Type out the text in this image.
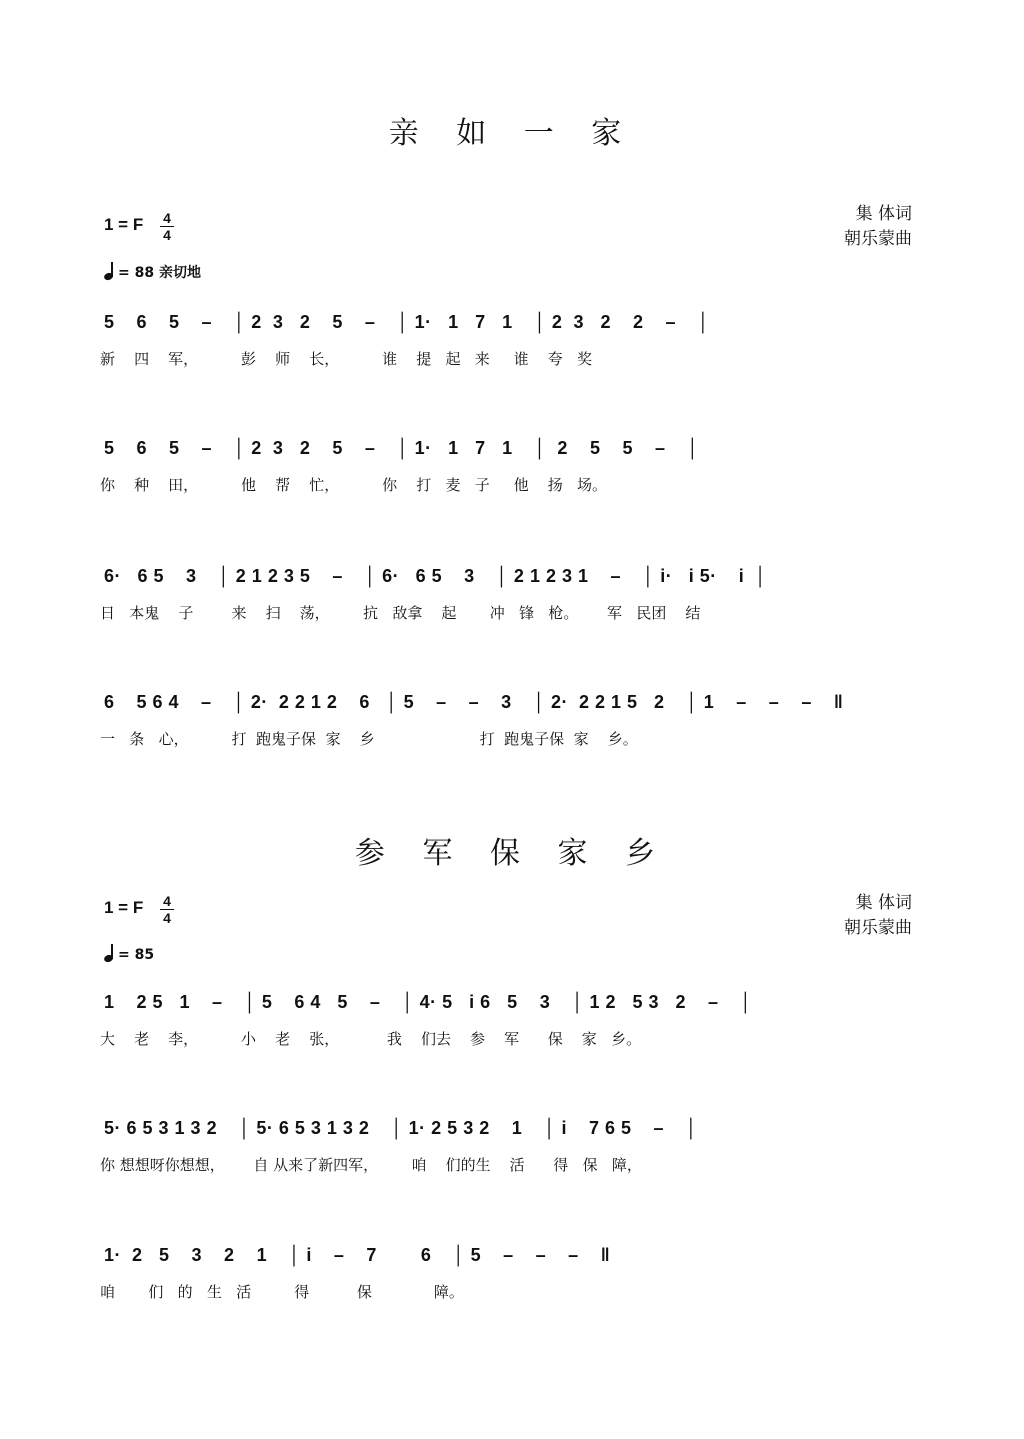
亲 如 一 家
集 体词
朝乐蒙曲
1 = F 4
4
= 88 亲切地
5    6    5    –    │ 2  3   2    5    –    │ 1·   1   7   1    │ 2  3   2    2    –    │
新    四    军，         彭    师    长，         谁    提   起   来     谁    夸   奖
5    6    5    –    │ 2  3   2    5    –    │ 1·   1   7   1    │  2    5    5    –    │
你    种    田，         他    帮    忙，         你    打   麦   子     他    扬   场。
6·   6 5    3    │ 2 1 2 3 5    –    │ 6·   6 5    3    │ 2 1 2 3 1    –    │ i·   i 5·    i  │
日   本鬼    子        来    扫    荡，       抗   敌拿    起       冲   锋   枪。      军   民团    结
6    5 6 4    –    │ 2·  2 2 1 2    6   │ 5    –    –    3    │ 2·  2 2 1 5   2    │ 1    –    –    –    ‖
一   条   心，         打  跑鬼子保  家    乡                      打  跑鬼子保  家    乡。
参 军 保 家 乡
集 体词
朝乐蒙曲
1 = F 4
4
= 85
1    2 5   1    –    │ 5    6 4   5    –    │ 4· 5   i 6   5    3    │ 1 2   5 3   2    –    │
大    老    李，         小    老    张，          我    们去    参    军      保    家   乡。
5· 6 5 3 1 3 2    │ 5· 6 5 3 1 3 2    │ 1· 2 5 3 2    1    │ i    7 6 5    –    │
你 想想呀你想想，      自 从来了新四军，       咱    们的生    活      得   保   障，
1·  2   5    3    2    1    │ i    –    7        6    │ 5    –    –    –    ‖
咱       们   的   生   活         得          保             障。
